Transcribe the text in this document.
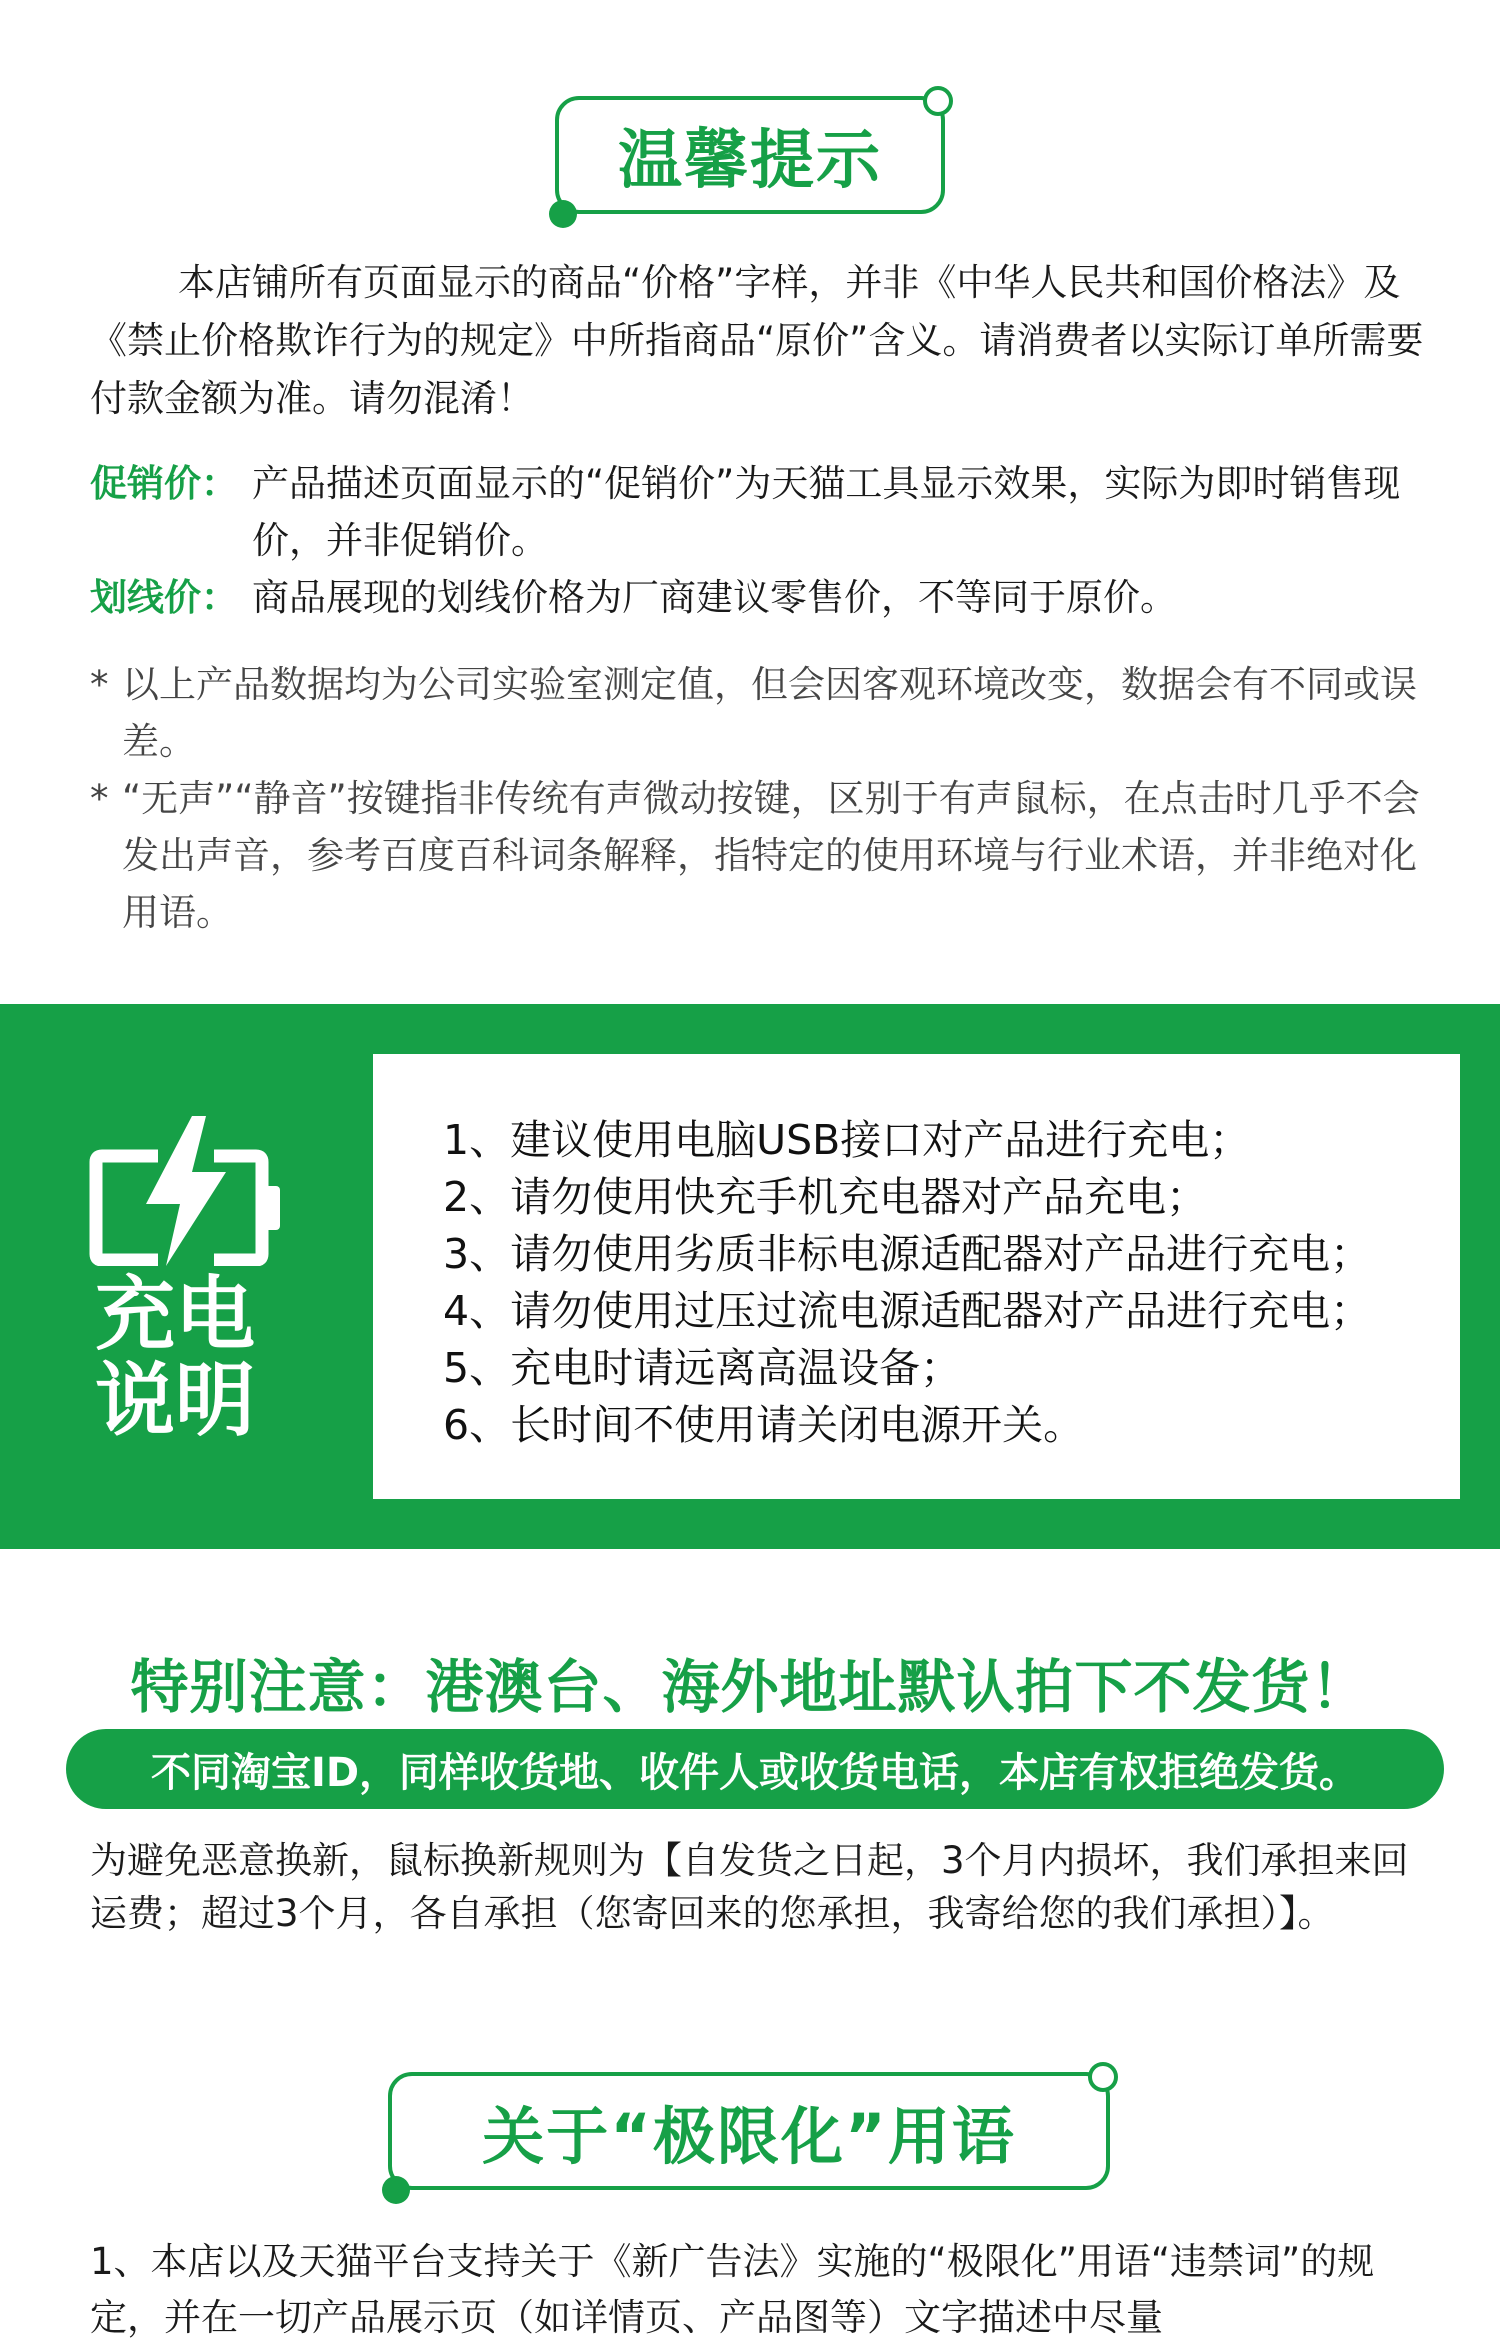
温馨提示
本店铺所有页面显示的商品“价格”字样，并非《中华人民共和国价格法》及《禁止价格欺诈行为的规定》中所指商品“原价”含义。请消费者以实际订单所需要付款金额为准。请勿混淆！
促销价： 产品描述页面显示的“促销价”为天猫工具显示效果，实际为即时销售现价，并非促销价。
划线价： 商品展现的划线价格为厂商建议零售价，不等同于原价。
* 以上产品数据均为公司实验室测定值，但会因客观环境改变，数据会有不同或误差。
* “无声”“静音”按键指非传统有声微动按键，区别于有声鼠标，在点击时几乎不会发出声音，参考百度百科词条解释，指特定的使用环境与行业术语，并非绝对化用语。
充电
说明
1、建议使用电脑USB接口对产品进行充电；
2、请勿使用快充手机充电器对产品充电；
3、请勿使用劣质非标电源适配器对产品进行充电；
4、请勿使用过压过流电源适配器对产品进行充电；
5、充电时请远离高温设备；
6、长时间不使用请关闭电源开关。
特别注意：港澳台、海外地址默认拍下不发货！
不同淘宝ID，同样收货地、收件人或收货电话，本店有权拒绝发货。
为避免恶意换新，鼠标换新规则为【自发货之日起，3个月内损坏，我们承担来回运费；超过3个月，各自承担（您寄回来的您承担，我寄给您的我们承担）】。
关于“极限化”用语
1、本店以及天猫平台支持关于《新广告法》实施的“极限化”用语“违禁词”的规定，并在一切产品展示页（如详情页、产品图等）文字描述中尽量
